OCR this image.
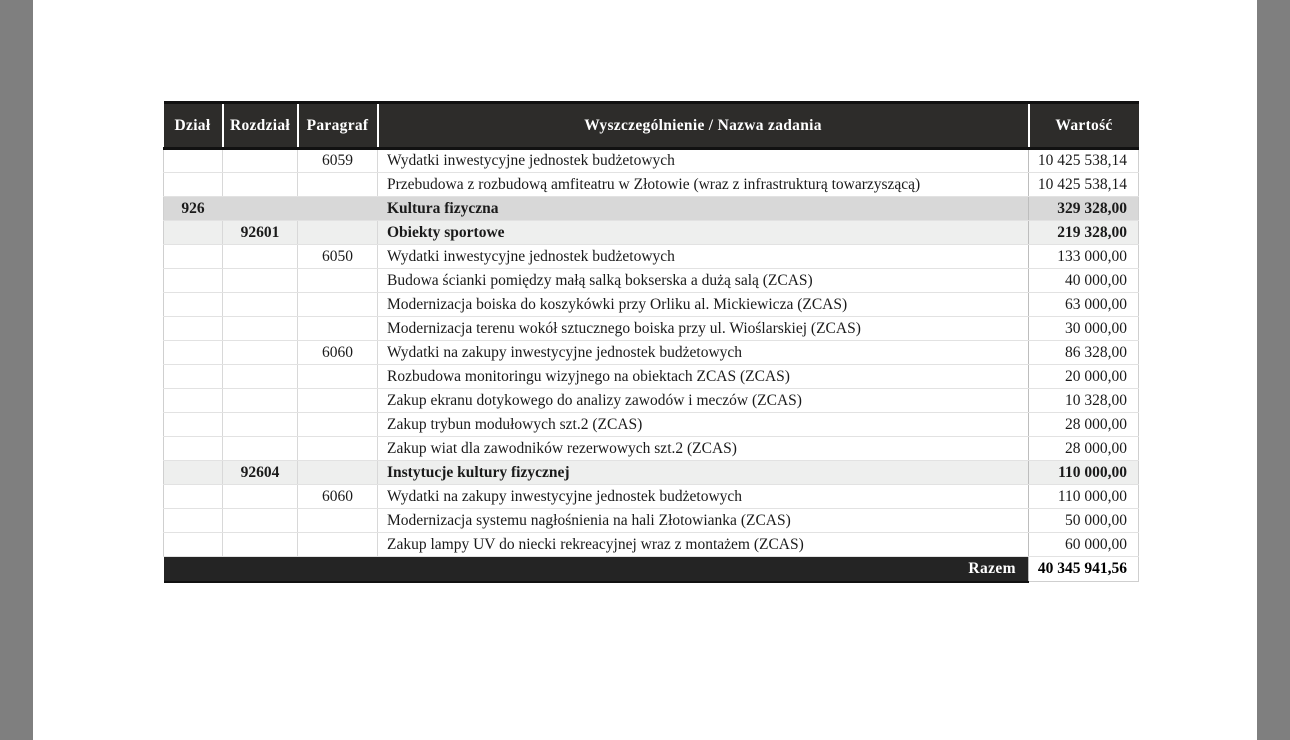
Dział	Rozdział	Paragraf	Wyszczególnienie / Nazwa zadania	Wartość
		6059	Wydatki inwestycyjne jednostek budżetowych	10 425 538,14
			Przebudowa z rozbudową amfiteatru w Złotowie (wraz z infrastrukturą towarzyszącą)	10 425 538,14
926			Kultura fizyczna	329 328,00
	92601		Obiekty sportowe	219 328,00
		6050	Wydatki inwestycyjne jednostek budżetowych	133 000,00
			Budowa ścianki pomiędzy małą salką bokserska a dużą salą (ZCAS)	40 000,00
			Modernizacja boiska do koszykówki przy Orliku al. Mickiewicza (ZCAS)	63 000,00
			Modernizacja terenu wokół sztucznego boiska przy ul. Wioślarskiej (ZCAS)	30 000,00
		6060	Wydatki na zakupy inwestycyjne jednostek budżetowych	86 328,00
			Rozbudowa monitoringu wizyjnego na obiektach ZCAS (ZCAS)	20 000,00
			Zakup ekranu dotykowego do analizy zawodów i meczów (ZCAS)	10 328,00
			Zakup trybun modułowych szt.2 (ZCAS)	28 000,00
			Zakup wiat dla zawodników rezerwowych szt.2 (ZCAS)	28 000,00
	92604		Instytucje kultury fizycznej	110 000,00
		6060	Wydatki na zakupy inwestycyjne jednostek budżetowych	110 000,00
			Modernizacja systemu nagłośnienia na hali Złotowianka (ZCAS)	50 000,00
			Zakup lampy UV do niecki rekreacyjnej wraz z montażem (ZCAS)	60 000,00
Razem				40 345 941,56
